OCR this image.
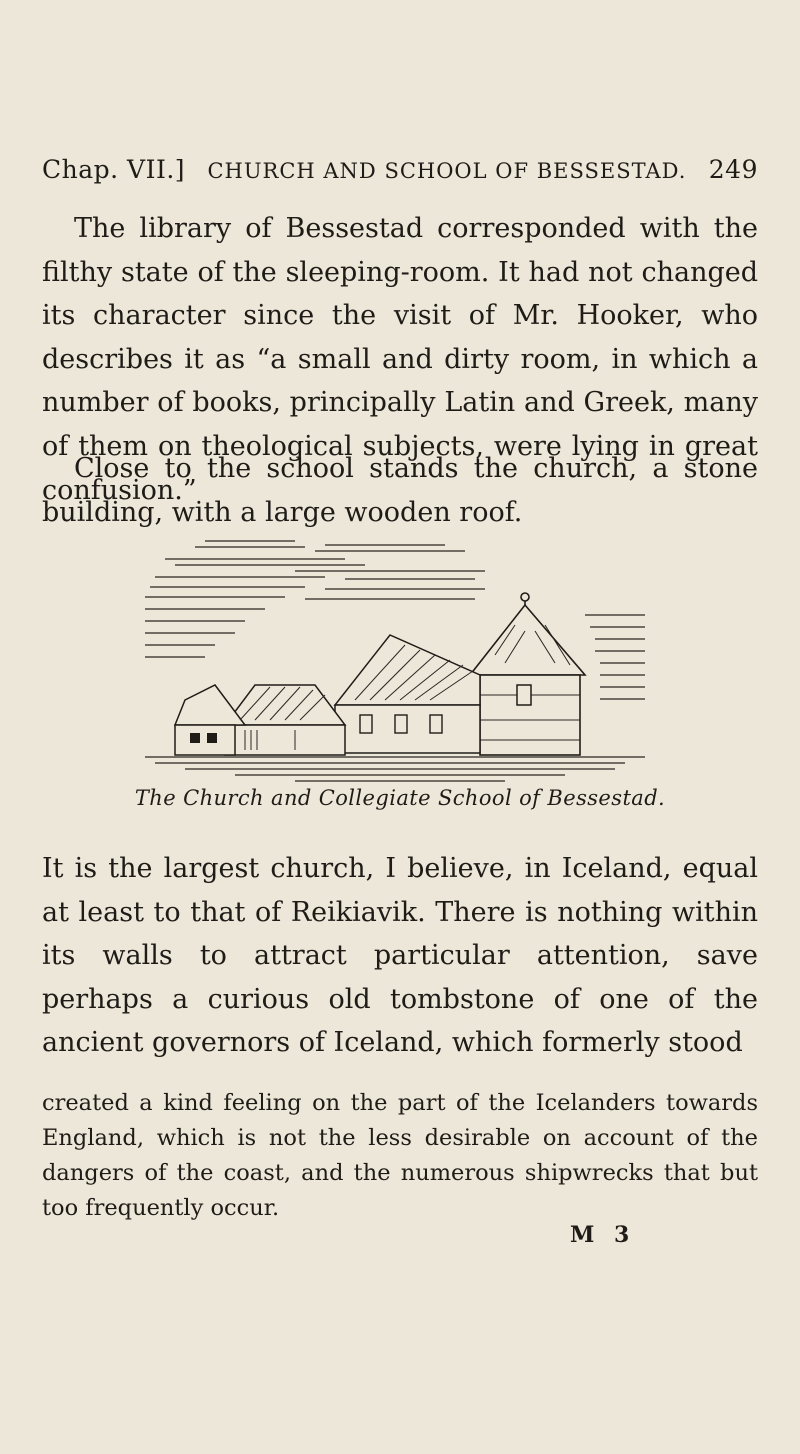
Chap. VII.] CHURCH AND SCHOOL OF BESSESTAD. 249

The library of Bessestad corresponded with the filthy state of the sleeping-room. It had not changed its character since the visit of Mr. Hooker, who describes it as “a small and dirty room, in which a number of books, principally Latin and Greek, many of them on theological subjects, were lying in great confusion.”

Close to the school stands the church, a stone building, with a large wooden roof.

The Church and Collegiate School of Bessestad.

It is the largest church, I believe, in Iceland, equal at least to that of Reikiavik. There is nothing within its walls to attract particular attention, save perhaps a curious old tombstone of one of the ancient governors of Iceland, which formerly stood

created a kind feeling on the part of the Icelanders towards England, which is not the less desirable on account of the dangers of the coast, and the numerous shipwrecks that but too frequently occur.

M 3
